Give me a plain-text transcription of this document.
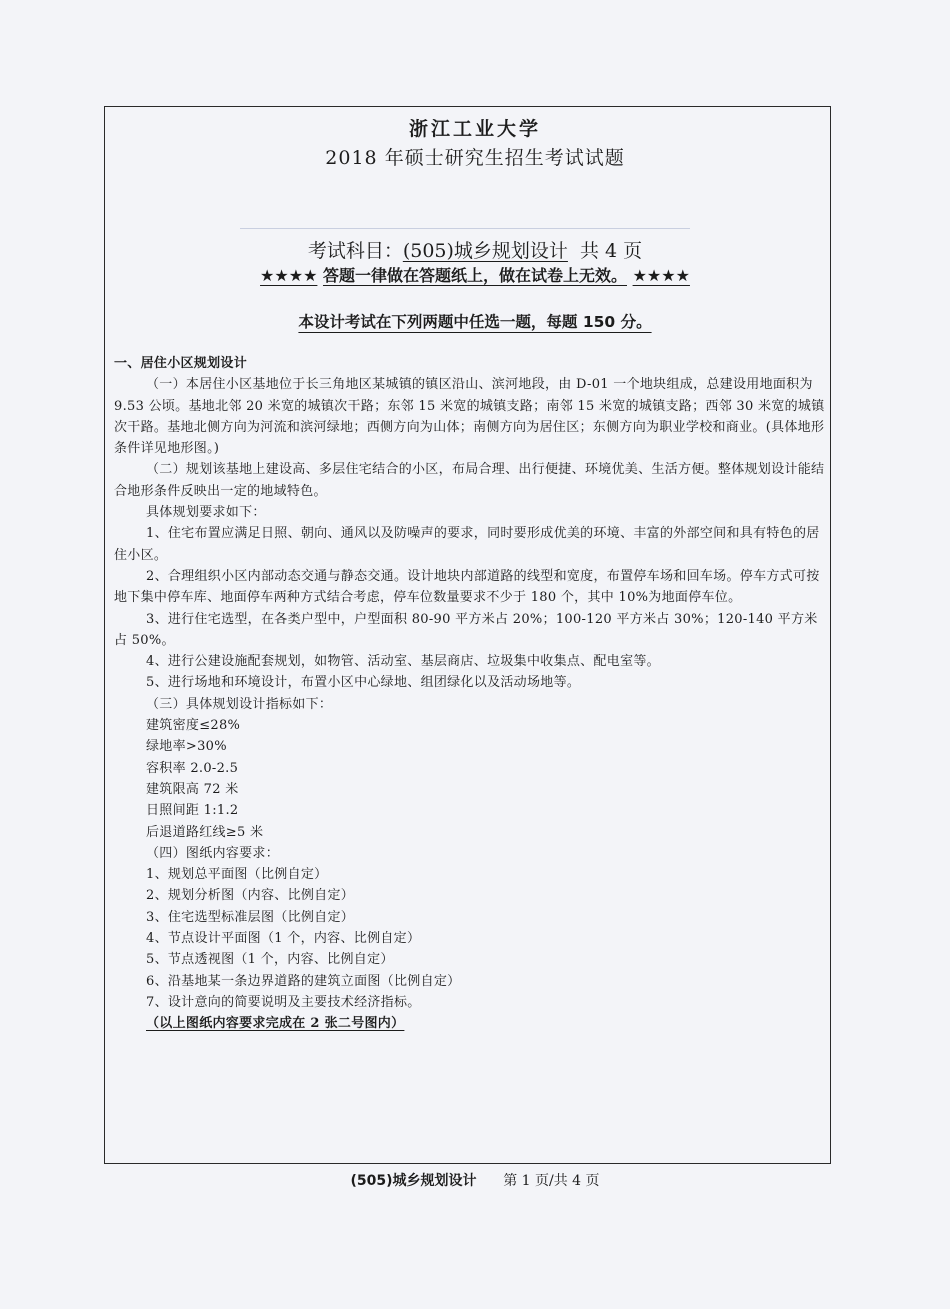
浙江工业大学
2018 年硕士研究生招生考试试题
考试科目：(505)城乡规划设计 共 4 页
★★★★ 答题一律做在答题纸上，做在试卷上无效。 ★★★★
本设计考试在下列两题中任选一题，每题 150 分。

一、居住小区规划设计

（一）本居住小区基地位于长三角地区某城镇的镇区沿山、滨河地段，由 D-01 一个地块组成，总建设用地面积为 9.53 公顷。基地北邻 20 米宽的城镇次干路；东邻 15 米宽的城镇支路；南邻 15 米宽的城镇支路；西邻 30 米宽的城镇次干路。基地北侧方向为河流和滨河绿地；西侧方向为山体；南侧方向为居住区；东侧方向为职业学校和商业。(具体地形条件详见地形图。)

（二）规划该基地上建设高、多层住宅结合的小区，布局合理、出行便捷、环境优美、生活方便。整体规划设计能结合地形条件反映出一定的地域特色。

具体规划要求如下：

1、住宅布置应满足日照、朝向、通风以及防噪声的要求，同时要形成优美的环境、丰富的外部空间和具有特色的居住小区。

2、合理组织小区内部动态交通与静态交通。设计地块内部道路的线型和宽度，布置停车场和回车场。停车方式可按地下集中停车库、地面停车两种方式结合考虑，停车位数量要求不少于 180 个，其中 10%为地面停车位。

3、进行住宅选型，在各类户型中，户型面积 80-90 平方米占 20%；100-120 平方米占 30%；120-140 平方米占 50%。

4、进行公建设施配套规划，如物管、活动室、基层商店、垃圾集中收集点、配电室等。

5、进行场地和环境设计，布置小区中心绿地、组团绿化以及活动场地等。

（三）具体规划设计指标如下：

建筑密度≤28%

绿地率>30%

容积率 2.0-2.5

建筑限高 72 米

日照间距 1:1.2

后退道路红线≥5 米

（四）图纸内容要求：

1、规划总平面图（比例自定）

2、规划分析图（内容、比例自定）

3、住宅选型标准层图（比例自定）

4、节点设计平面图（1 个，内容、比例自定）

5、节点透视图（1 个，内容、比例自定）

6、沿基地某一条边界道路的建筑立面图（比例自定）

7、设计意向的简要说明及主要技术经济指标。

（以上图纸内容要求完成在 2 张二号图内）

(505)城乡规划设计 第 1 页/共 4 页
